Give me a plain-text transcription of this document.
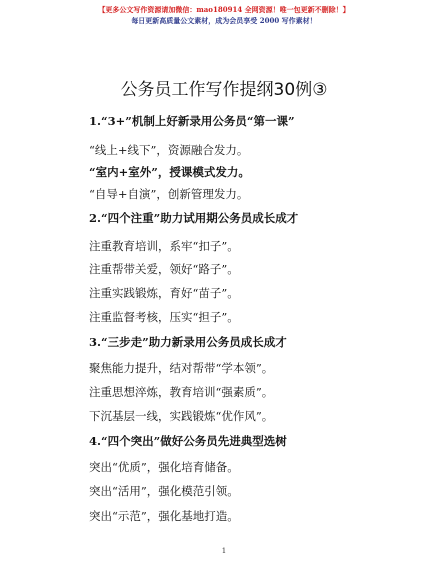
【更多公文写作资源请加微信：mao180914 全网资源！唯一包更新不删除！】
每日更新高质量公文素材，成为会员享受 2000 写作素材！
公务员工作写作提纲30例③
1.“3+”机制上好新录用公务员“第一课”
“线上+线下”，资源融合发力。
“室内+室外”，授课模式发力。
“自导+自演”，创新管理发力。
2.“四个注重”助力试用期公务员成长成才
注重教育培训，系牢“扣子”。
注重帮带关爱，领好“路子”。
注重实践锻炼，育好“苗子”。
注重监督考核，压实“担子”。
3.“三步走”助力新录用公务员成长成才
聚焦能力提升，结对帮带“学本领”。
注重思想淬炼，教育培训“强素质”。
下沉基层一线，实践锻炼“优作风”。
4.“四个突出”做好公务员先进典型选树
突出“优质”，强化培育储备。
突出“活用”，强化模范引领。
突出“示范”，强化基地打造。
1
